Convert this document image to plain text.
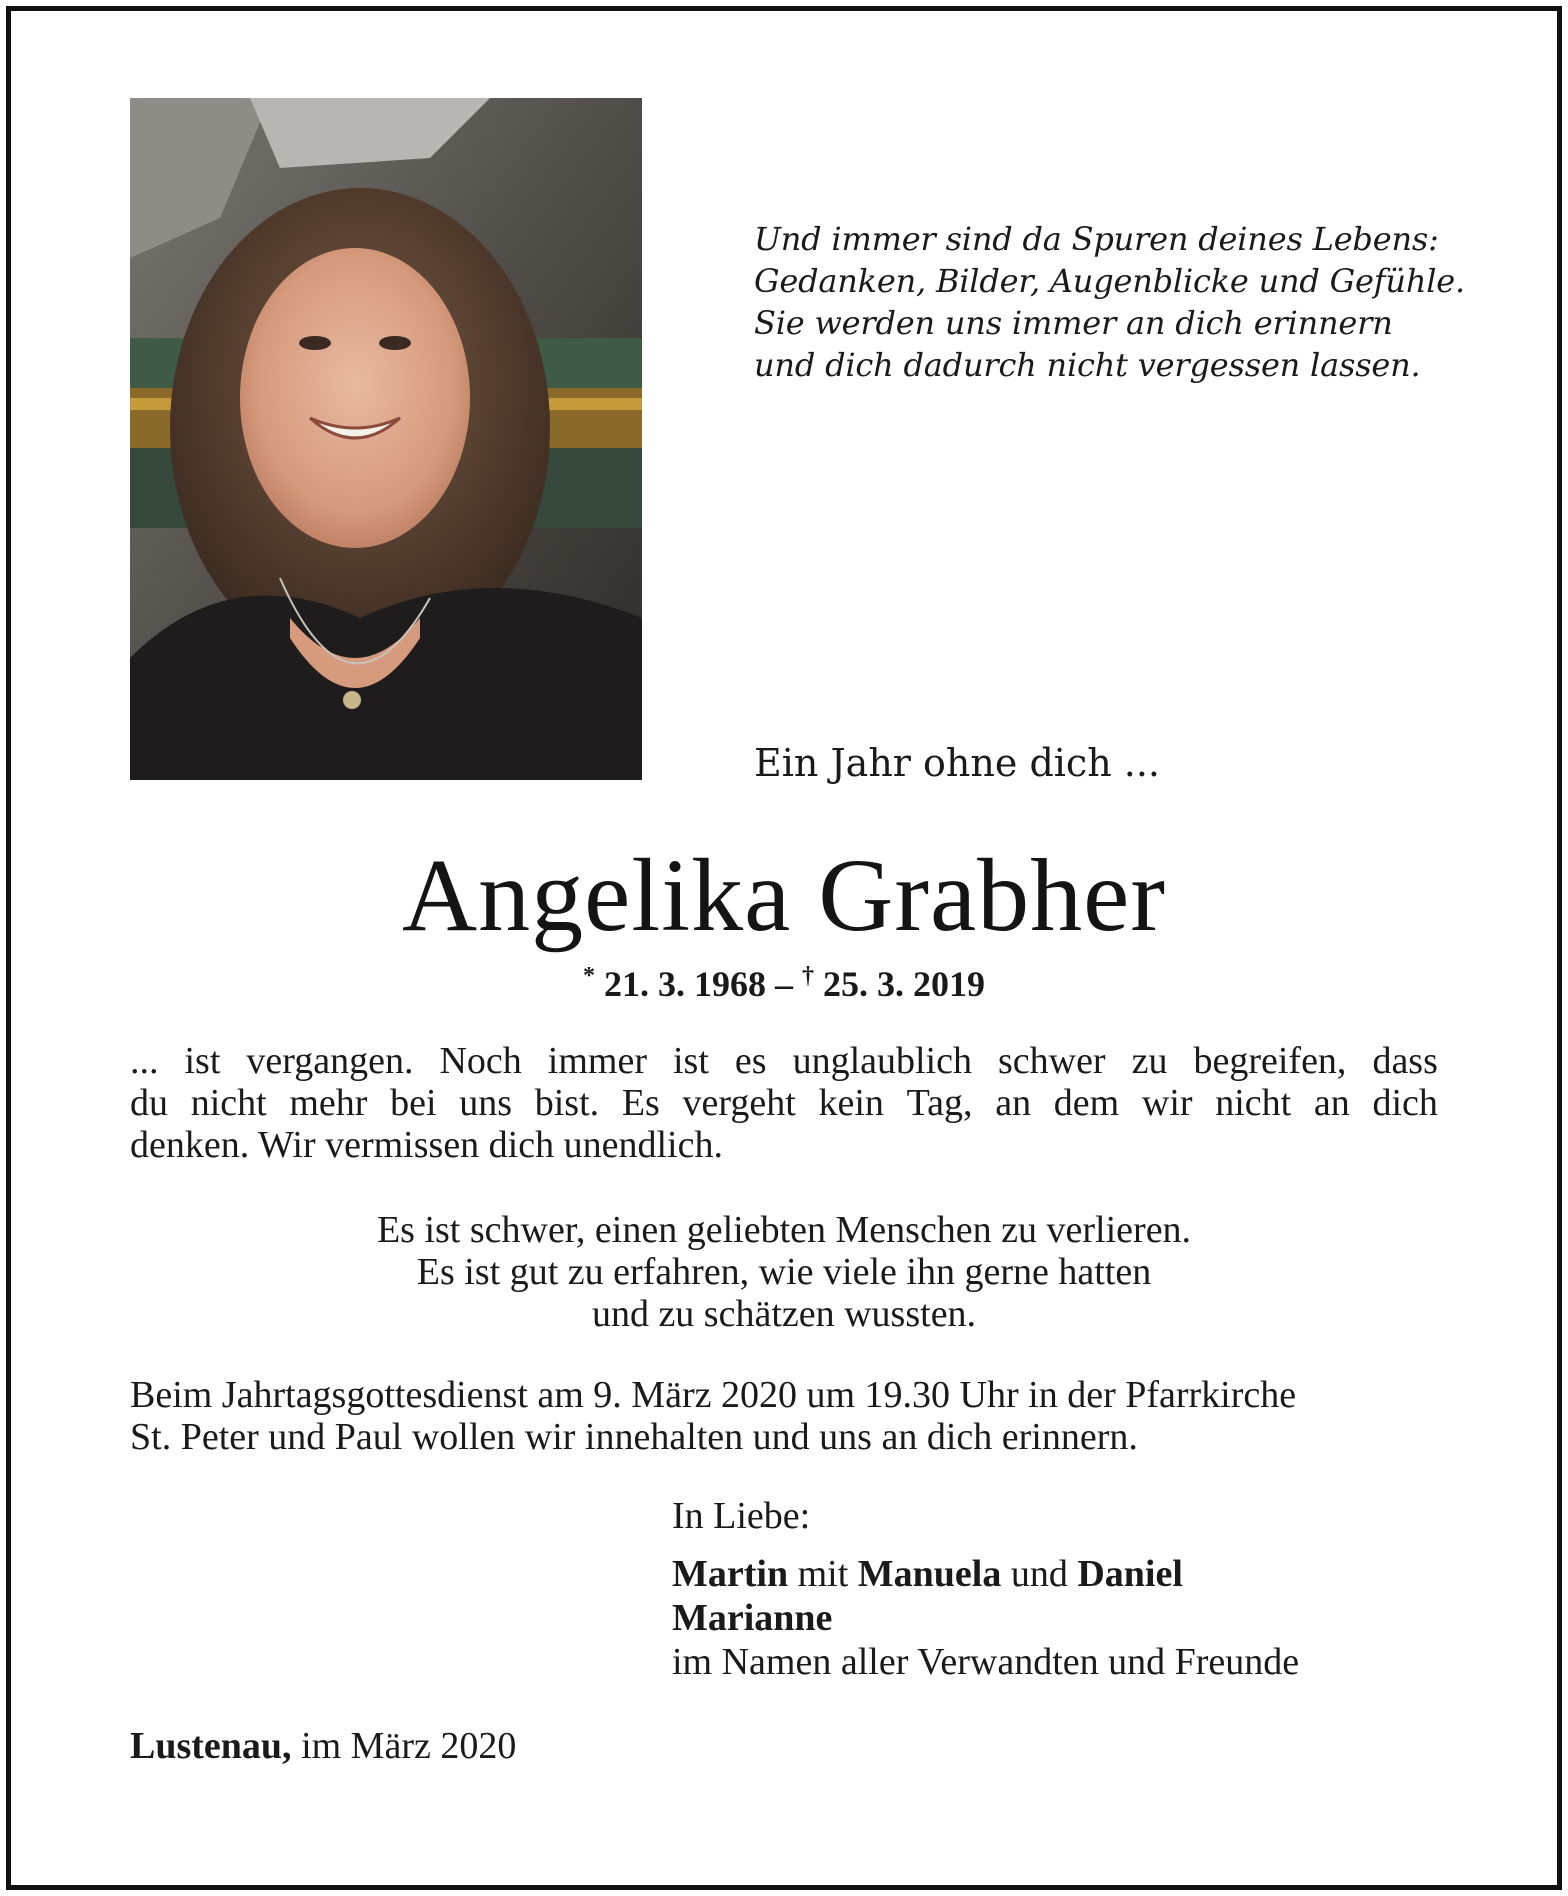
Und immer sind da Spuren deines Lebens:
Gedanken, Bilder, Augenblicke und Gefühle.
Sie werden uns immer an dich erinnern
und dich dadurch nicht vergessen lassen.
Ein Jahr ohne dich ...
Angelika Grabher
* 21. 3. 1968 – † 25. 3. 2019
... ist vergangen. Noch immer ist es unglaublich schwer zu begreifen, dass
du nicht mehr bei uns bist. Es vergeht kein Tag, an dem wir nicht an dich
denken. Wir vermissen dich unendlich.
Es ist schwer, einen geliebten Menschen zu verlieren.
Es ist gut zu erfahren, wie viele ihn gerne hatten
und zu schätzen wussten.
Beim Jahrtagsgottesdienst am 9. März 2020 um 19.30 Uhr in der Pfarrkirche
St. Peter und Paul wollen wir innehalten und uns an dich erinnern.
In Liebe:
Martin mit Manuela und Daniel
Marianne
im Namen aller Verwandten und Freunde
Lustenau, im März 2020
